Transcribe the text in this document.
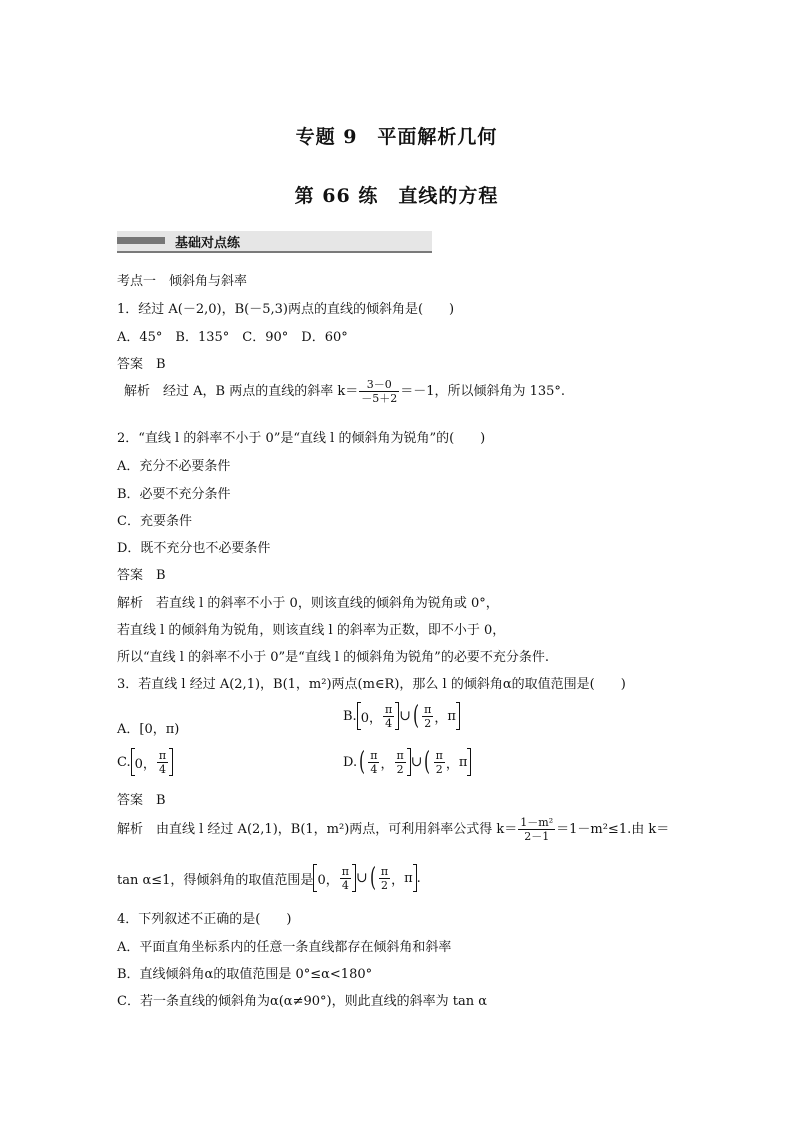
专题 9　平面解析几何
第 66 练　直线的方程
基础对点练
考点一　倾斜角与斜率
1．经过 A(－2,0)，B(－5,3)两点的直线的倾斜角是(　　)
A．45°　B．135°　C．90°　D．60°
答案　B
解析　经过 A，B 两点的直线的斜率 $k= \frac{3-0}{-5+2} =-1$，所以倾斜角为 135°.
2．“直线 l 的斜率不小于 0”是“直线 l 的倾斜角为锐角”的(　　)
A．充分不必要条件
B．必要不充分条件
C．充要条件
D．既不充分也不必要条件
答案　B
解析　若直线 l 的斜率不小于 0，则该直线的倾斜角为锐角或 0°，
若直线 l 的倾斜角为锐角，则该直线 l 的斜率为正数，即不小于 0，
所以“直线 l 的斜率不小于 0”是“直线 l 的倾斜角为锐角”的必要不充分条件.
3．若直线 l 经过 A(2,1)，B(1，m²)两点(m∈R)，那么 l 的倾斜角α的取值范围是(　　)
A．[0，π)
B. 0， $\frac{\pi}{4}$ ∪( $\frac{\pi}{2}$ ，π
C. 0， $\frac{\pi}{4}$	$D.( \frac{\pi}{4}$ ， $\frac{\pi}{2}$ ∪( $\frac{\pi}{2}$ ，π
答案　B
解析　由直线 l 经过 A(2,1)，B(1，m²)两点，可利用斜率公式得 $k= \frac{\text{1－m²}}{2-1} =1-m^2\le 1$.由 k＝
tan α≤1，得倾斜角的取值范围是 0， $\frac{\pi}{4}$ ∪( $\frac{\pi}{2}$ ，π .
4．下列叙述不正确的是(　　)
A．平面直角坐标系内的任意一条直线都存在倾斜角和斜率
B．直线倾斜角α的取值范围是 0°≤α<180°
C．若一条直线的倾斜角为α(α≠90°)，则此直线的斜率为 tan α
